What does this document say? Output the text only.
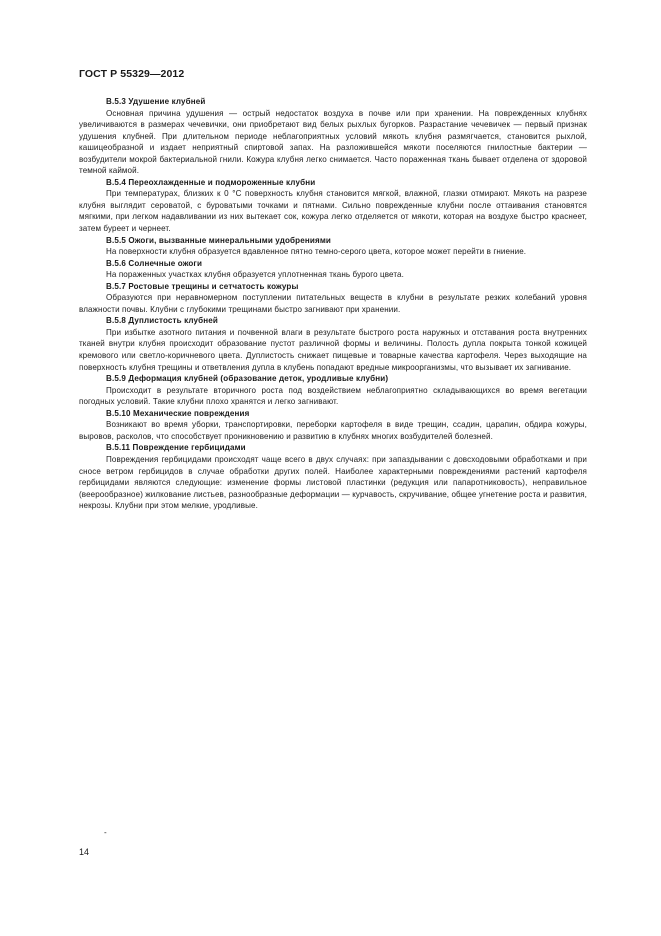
ГОСТ Р 55329—2012

В.5.3 Удушение клубней

Основная причина удушения — острый недостаток воздуха в почве или при хранении. На поврежденных клубнях увеличиваются в размерах чечевички, они приобретают вид белых рыхлых бугорков. Разрастание чечевичек — первый признак удушения клубней. При длительном периоде неблагоприятных условий мякоть клубня размягчается, становится рыхлой, кашицеобразной и издает неприятный спиртовой запах. На разложившейся мякоти поселяются гнилостные бактерии — возбудители мокрой бактериальной гнили. Кожура клубня легко снимается. Часто пораженная ткань бывает отделена от здоровой темной каймой.

В.5.4 Переохлажденные и подмороженные клубни

При температурах, близких к 0 °С поверхность клубня становится мягкой, влажной, глазки отмирают. Мякоть на разрезе клубня выглядит сероватой, с буроватыми точками и пятнами. Сильно поврежденные клубни после оттаивания становятся мягкими, при легком надавливании из них вытекает сок, кожура легко отделяется от мякоти, которая на воздухе быстро краснеет, затем буреет и чернеет.

В.5.5 Ожоги, вызванные минеральными удобрениями

На поверхности клубня образуется вдавленное пятно темно-серого цвета, которое может перейти в гниение.

В.5.6 Солнечные ожоги

На пораженных участках клубня образуется уплотненная ткань бурого цвета.

В.5.7 Ростовые трещины и сетчатость кожуры

Образуются при неравномерном поступлении питательных веществ в клубни в результате резких колебаний уровня влажности почвы. Клубни с глубокими трещинами быстро загнивают при хранении.

В.5.8 Дуплистость клубней

При избытке азотного питания и почвенной влаги в результате быстрого роста наружных и отставания роста внутренних тканей внутри клубня происходит образование пустот различной формы и величины. Полость дупла покрыта тонкой кожицей кремового или светло-коричневого цвета. Дуплистость снижает пищевые и товарные качества картофеля. Через выходящие на поверхность клубня трещины и ответвления дупла в клубень попадают вредные микроорганизмы, что вызывает их загнивание.

В.5.9 Деформация клубней (образование деток, уродливые клубни)

Происходит в результате вторичного роста под воздействием неблагоприятно складывающихся во время вегетации погодных условий. Такие клубни плохо хранятся и легко загнивают.

В.5.10 Механические повреждения

Возникают во время уборки, транспортировки, переборки картофеля в виде трещин, ссадин, царапин, обдира кожуры, выровов, расколов, что способствует проникновению и развитию в клубнях многих возбудителей болезней.

В.5.11 Повреждение гербицидами

Повреждения гербицидами происходят чаще всего в двух случаях: при запаздывании с довсходовыми обработками и при сносе ветром гербицидов в случае обработки других полей. Наиболее характерными повреждениями растений картофеля гербицидами являются следующие: изменение формы листовой пластинки (редукция или папаротниковость), неправильное (веерообразное) жилкование листьев, разнообразные деформации — курчавость, скручивание, общее угнетение роста и развития, некрозы. Клубни при этом мелкие, уродливые.

-
14
